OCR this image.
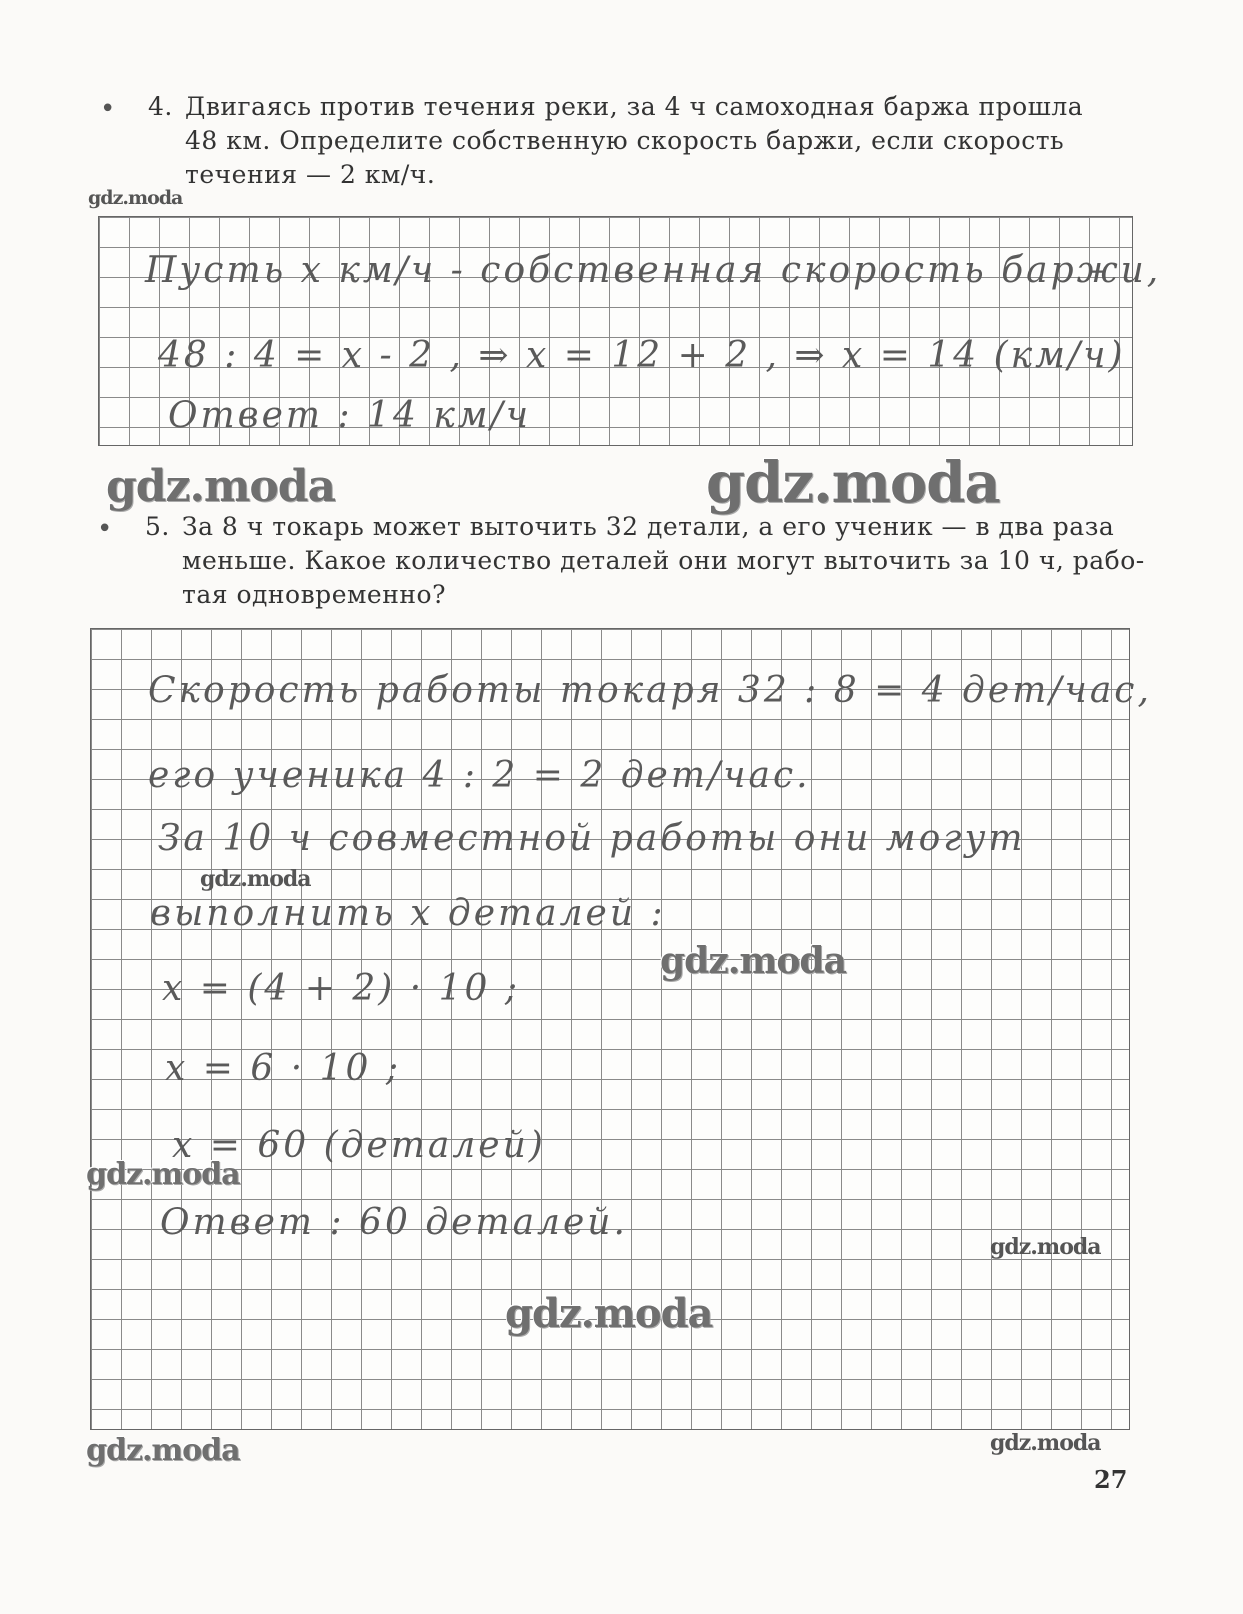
• 4. Двигаясь против течения реки, за 4 ч самоходная баржа прошла
48 км. Определите собственную скорость баржи, если скорость
течения — 2 км/ч.
gdz.moda
Пусть x км/ч - собственная скорость баржи,
48 : 4 = x - 2 , ⇒ x = 12 + 2 , ⇒ x = 14 (км/ч)
Ответ : 14 км/ч
gdz.moda	gdz.moda
• 5. За 8 ч токарь может выточить 32 детали, а его ученик — в два раза
меньше. Какое количество деталей они могут выточить за 10 ч, рабо-
тая одновременно?
Скорость работы токаря 32 : 8 = 4 дет/час,
его ученика 4 : 2 = 2 дет/час.
За 10 ч совместной работы они могут
выполнить x деталей :
x = (4 + 2) · 10 ;
x = 6 · 10 ;
x = 60 (деталей)
Ответ : 60 деталей.
gdz.moda
gdz.moda
gdz.moda
gdz.moda
gdz.moda
gdz.moda	gdz.moda
27
